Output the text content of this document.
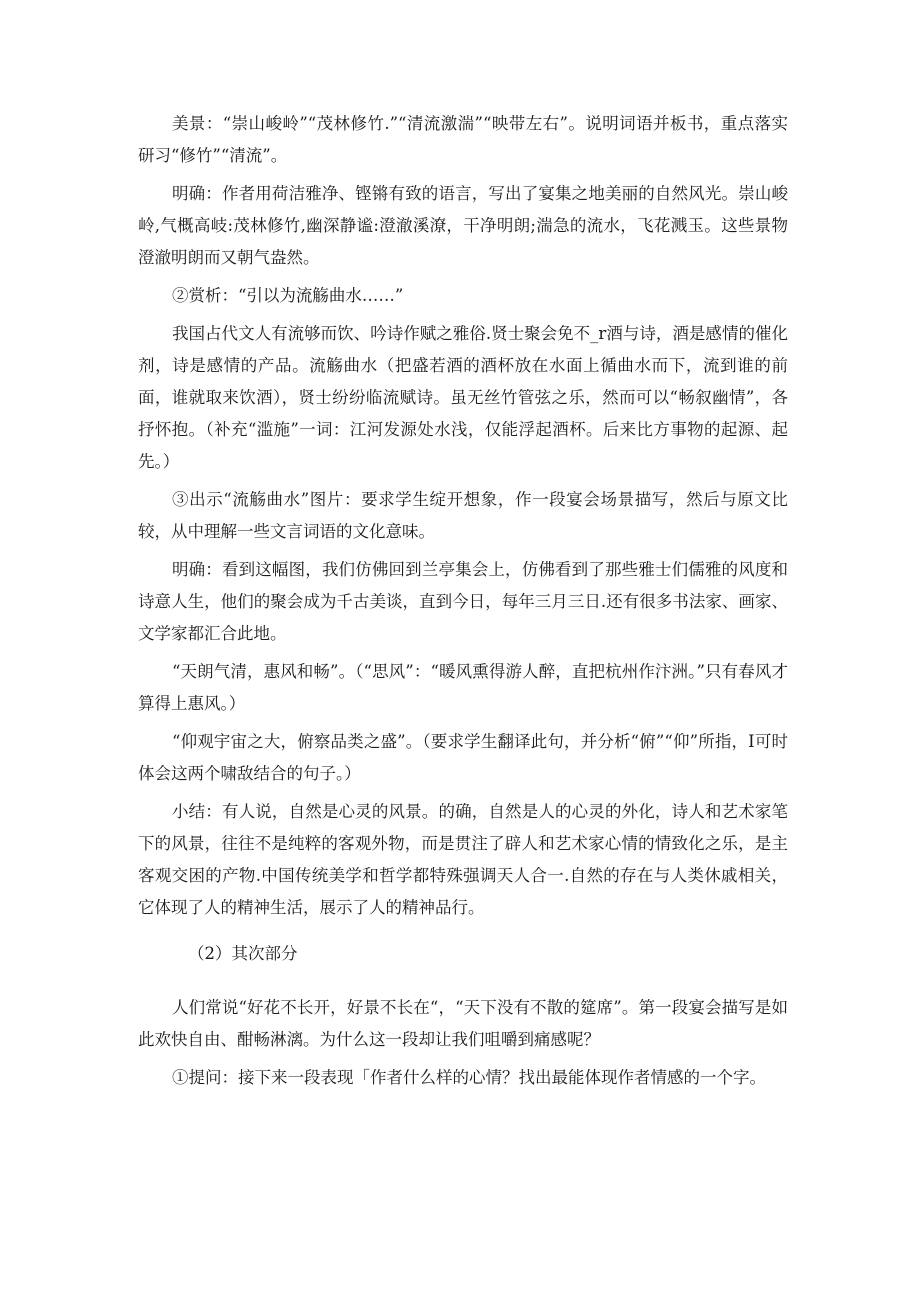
美景：“崇山峻岭”“茂林修竹.”“清流激湍”“映带左右”。说明词语并板书，重点落实研习“修竹”“清流”。

明确：作者用荷洁雅净、铿锵有致的语言，写出了宴集之地美丽的自然风光。崇山峻岭,气概高岐:茂林修竹,幽深静谧:澄澈溪潦，干净明朗;湍急的流水，飞花溅玉。这些景物澄澈明朗而又朝气盎然。

②赏析：“引以为流觞曲水……”

我国占代文人有流够而饮、吟诗作赋之雅俗.贤士聚会免不_r酒与诗，酒是感情的催化剂，诗是感情的产品。流觞曲水（把盛若酒的酒杯放在水面上循曲水而下，流到谁的前面，谁就取来饮酒），贤士纷纷临流赋诗。虽无丝竹管弦之乐，然而可以“畅叙幽情”，各抒怀抱。（补充“滥施”一词：江河发源处水浅，仅能浮起酒杯。后来比方事物的起源、起先。）

③出示“流觞曲水”图片：要求学生绽开想象，作一段宴会场景描写，然后与原文比较，从中理解一些文言词语的文化意味。

明确：看到这幅图，我们仿佛回到兰亭集会上，仿佛看到了那些雅士们儒雅的风度和诗意人生，他们的聚会成为千古美谈，直到今日，每年三月三日.还有很多书法家、画家、文学家都汇合此地。

“天朗气清，惠风和畅”。（“思风”：“暖风熏得游人醉，直把杭州作汴洲。”只有春风才算得上惠风。）

“仰观宇宙之大，俯察品类之盛”。（要求学生翻译此句，并分析“俯”“仰”所指，I可时体会这两个啸敌结合的句子。）

小结：有人说，自然是心灵的风景。的确，自然是人的心灵的外化，诗人和艺术家笔下的风景，往往不是纯粹的客观外物，而是贯注了辟人和艺术家心情的情致化之乐，是主客观交困的产物.中国传统美学和哲学都特殊强调天人合一.自然的存在与人类休戚相关，它体现了人的精神生活，展示了人的精神品行。

（2）其次部分

人们常说“好花不长开，好景不长在“，“天下没有不散的筵席”。第一段宴会描写是如此欢快自由、酣畅淋漓。为什么这一段却让我们咀嚼到痛感呢？

①提问：接下来一段表现「作者什么样的心情？找出最能体现作者情感的一个字。
